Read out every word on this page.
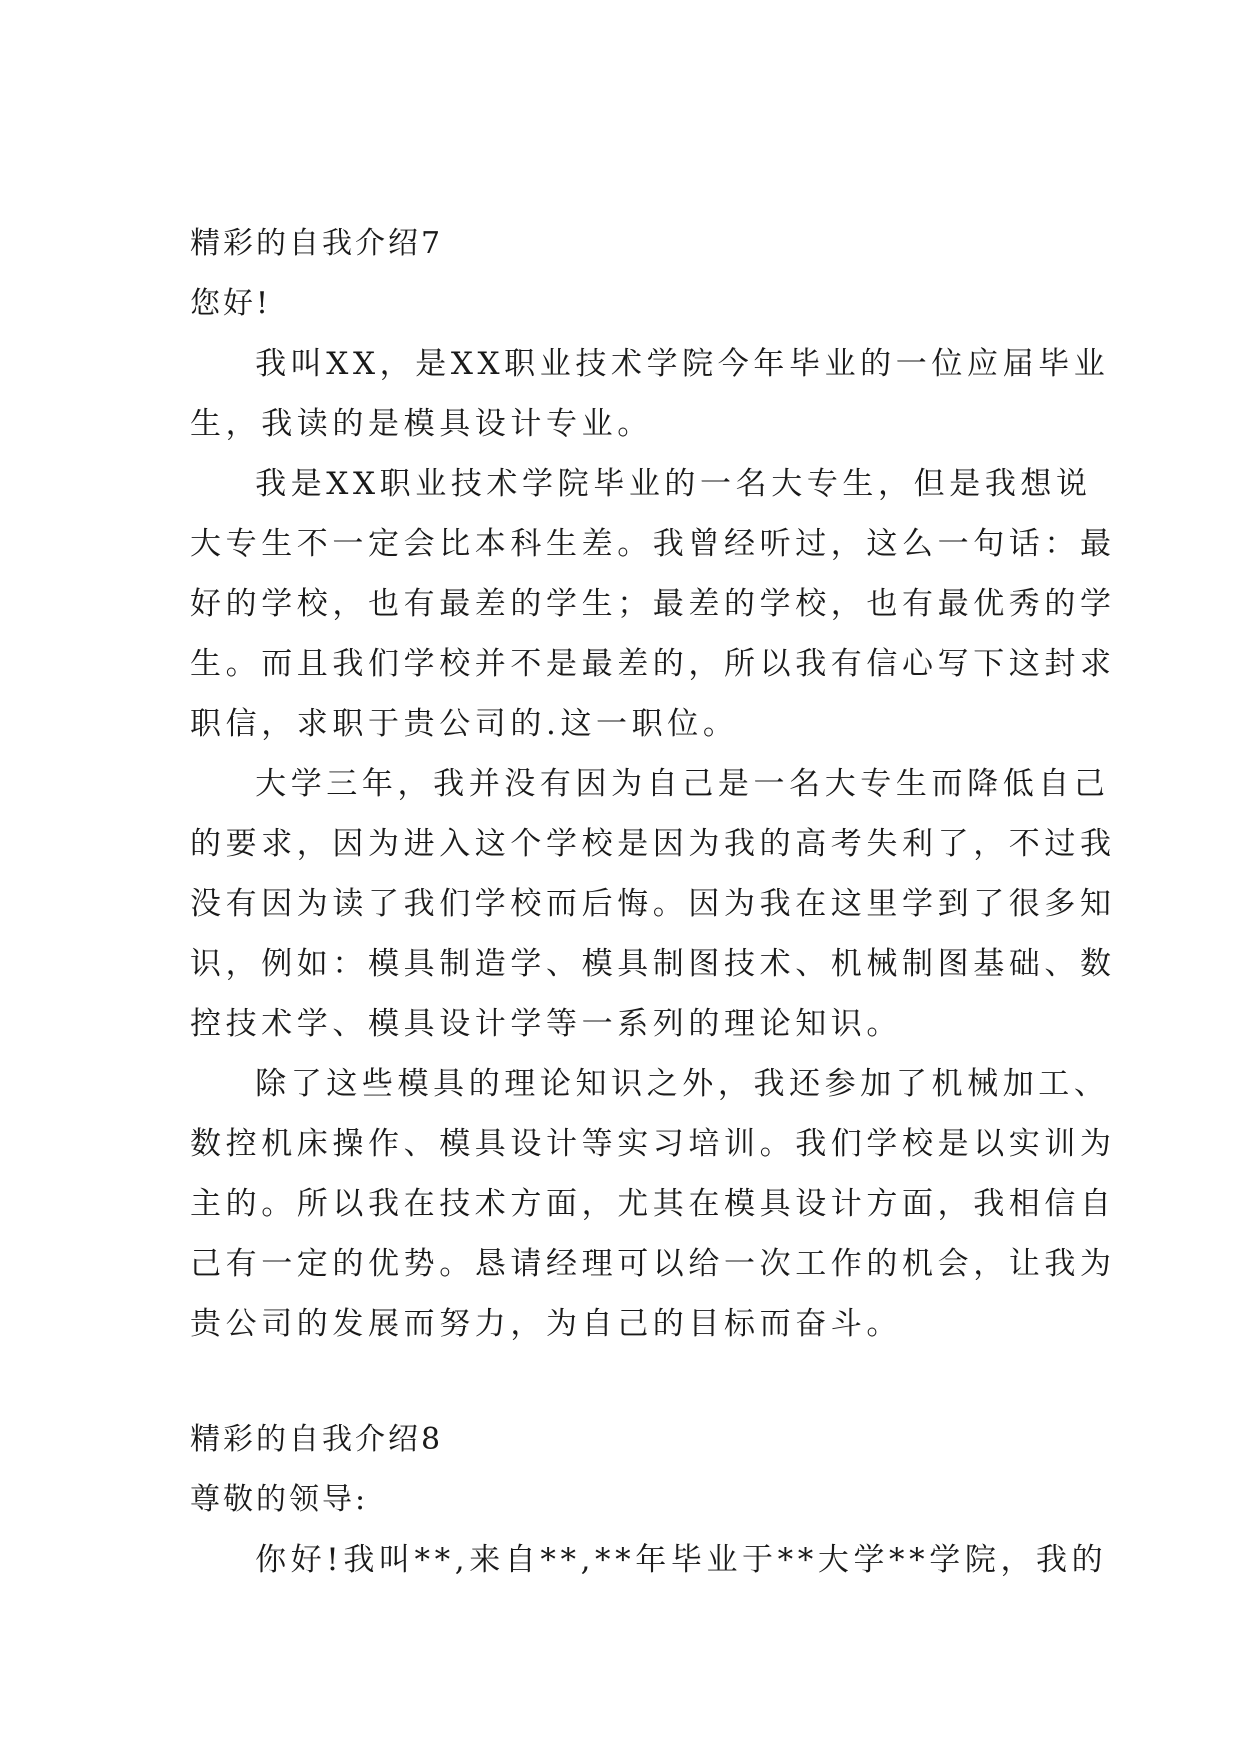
精彩的自我介绍7
您好!

我叫XX，是XX职业技术学院今年毕业的一位应届毕业
生，我读的是模具设计专业。

我是XX职业技术学院毕业的一名大专生，但是我想说
大专生不一定会比本科生差。我曾经听过，这么一句话：最
好的学校，也有最差的学生；最差的学校，也有最优秀的学
生。而且我们学校并不是最差的，所以我有信心写下这封求
职信，求职于贵公司的.这一职位。

大学三年，我并没有因为自己是一名大专生而降低自己
的要求，因为进入这个学校是因为我的高考失利了，不过我
没有因为读了我们学校而后悔。因为我在这里学到了很多知
识，例如：模具制造学、模具制图技术、机械制图基础、数
控技术学、模具设计学等一系列的理论知识。

除了这些模具的理论知识之外，我还参加了机械加工、
数控机床操作、模具设计等实习培训。我们学校是以实训为
主的。所以我在技术方面，尤其在模具设计方面，我相信自
己有一定的优势。恳请经理可以给一次工作的机会，让我为
贵公司的发展而努力，为自己的目标而奋斗。

精彩的自我介绍8
尊敬的领导:

你好!我叫**,来自**,**年毕业于**大学**学院，我的
